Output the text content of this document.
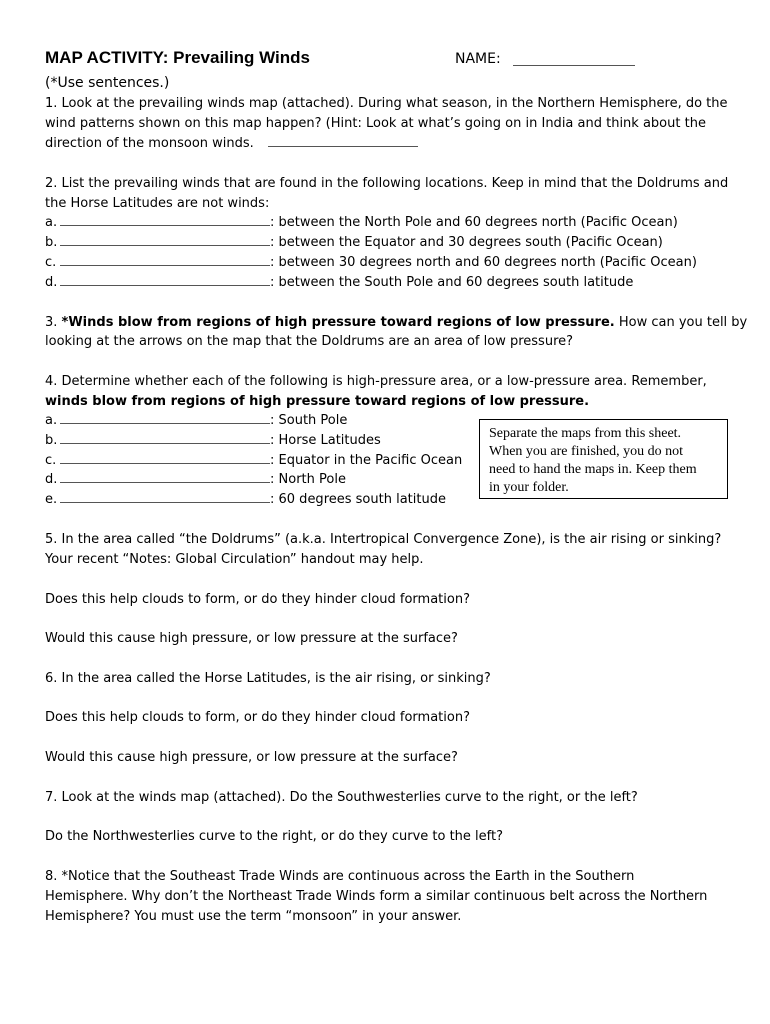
MAP ACTIVITY: Prevailing Winds	NAME:
(*Use sentences.)
1. Look at the prevailing winds map (attached). During what season, in the Northern Hemisphere, do the
wind patterns shown on this map happen? (Hint: Look at what’s going on in India and think about the
direction of the monsoon winds.
2. List the prevailing winds that are found in the following locations. Keep in mind that the Doldrums and
the Horse Latitudes are not winds:
a.	: between the North Pole and 60 degrees north (Pacific Ocean)
b.	: between the Equator and 30 degrees south (Pacific Ocean)
c.	: between 30 degrees north and 60 degrees north (Pacific Ocean)
d.	: between the South Pole and 60 degrees south latitude
3. *Winds blow from regions of high pressure toward regions of low pressure. How can you tell by
looking at the arrows on the map that the Doldrums are an area of low pressure?
4. Determine whether each of the following is high-pressure area, or a low-pressure area. Remember,
winds blow from regions of high pressure toward regions of low pressure.
a.	: South Pole
b.	: Horse Latitudes
c.	: Equator in the Pacific Ocean
d.	: North Pole
e.	: 60 degrees south latitude
Separate the maps from this sheet.
When you are finished, you do not
need to hand the maps in. Keep them
in your folder.
5. In the area called “the Doldrums” (a.k.a. Intertropical Convergence Zone), is the air rising or sinking?
Your recent “Notes: Global Circulation” handout may help.
Does this help clouds to form, or do they hinder cloud formation?
Would this cause high pressure, or low pressure at the surface?
6. In the area called the Horse Latitudes, is the air rising, or sinking?
Does this help clouds to form, or do they hinder cloud formation?
Would this cause high pressure, or low pressure at the surface?
7. Look at the winds map (attached). Do the Southwesterlies curve to the right, or the left?
Do the Northwesterlies curve to the right, or do they curve to the left?
8. *Notice that the Southeast Trade Winds are continuous across the Earth in the Southern
Hemisphere. Why don’t the Northeast Trade Winds form a similar continuous belt across the Northern
Hemisphere? You must use the term “monsoon” in your answer.
